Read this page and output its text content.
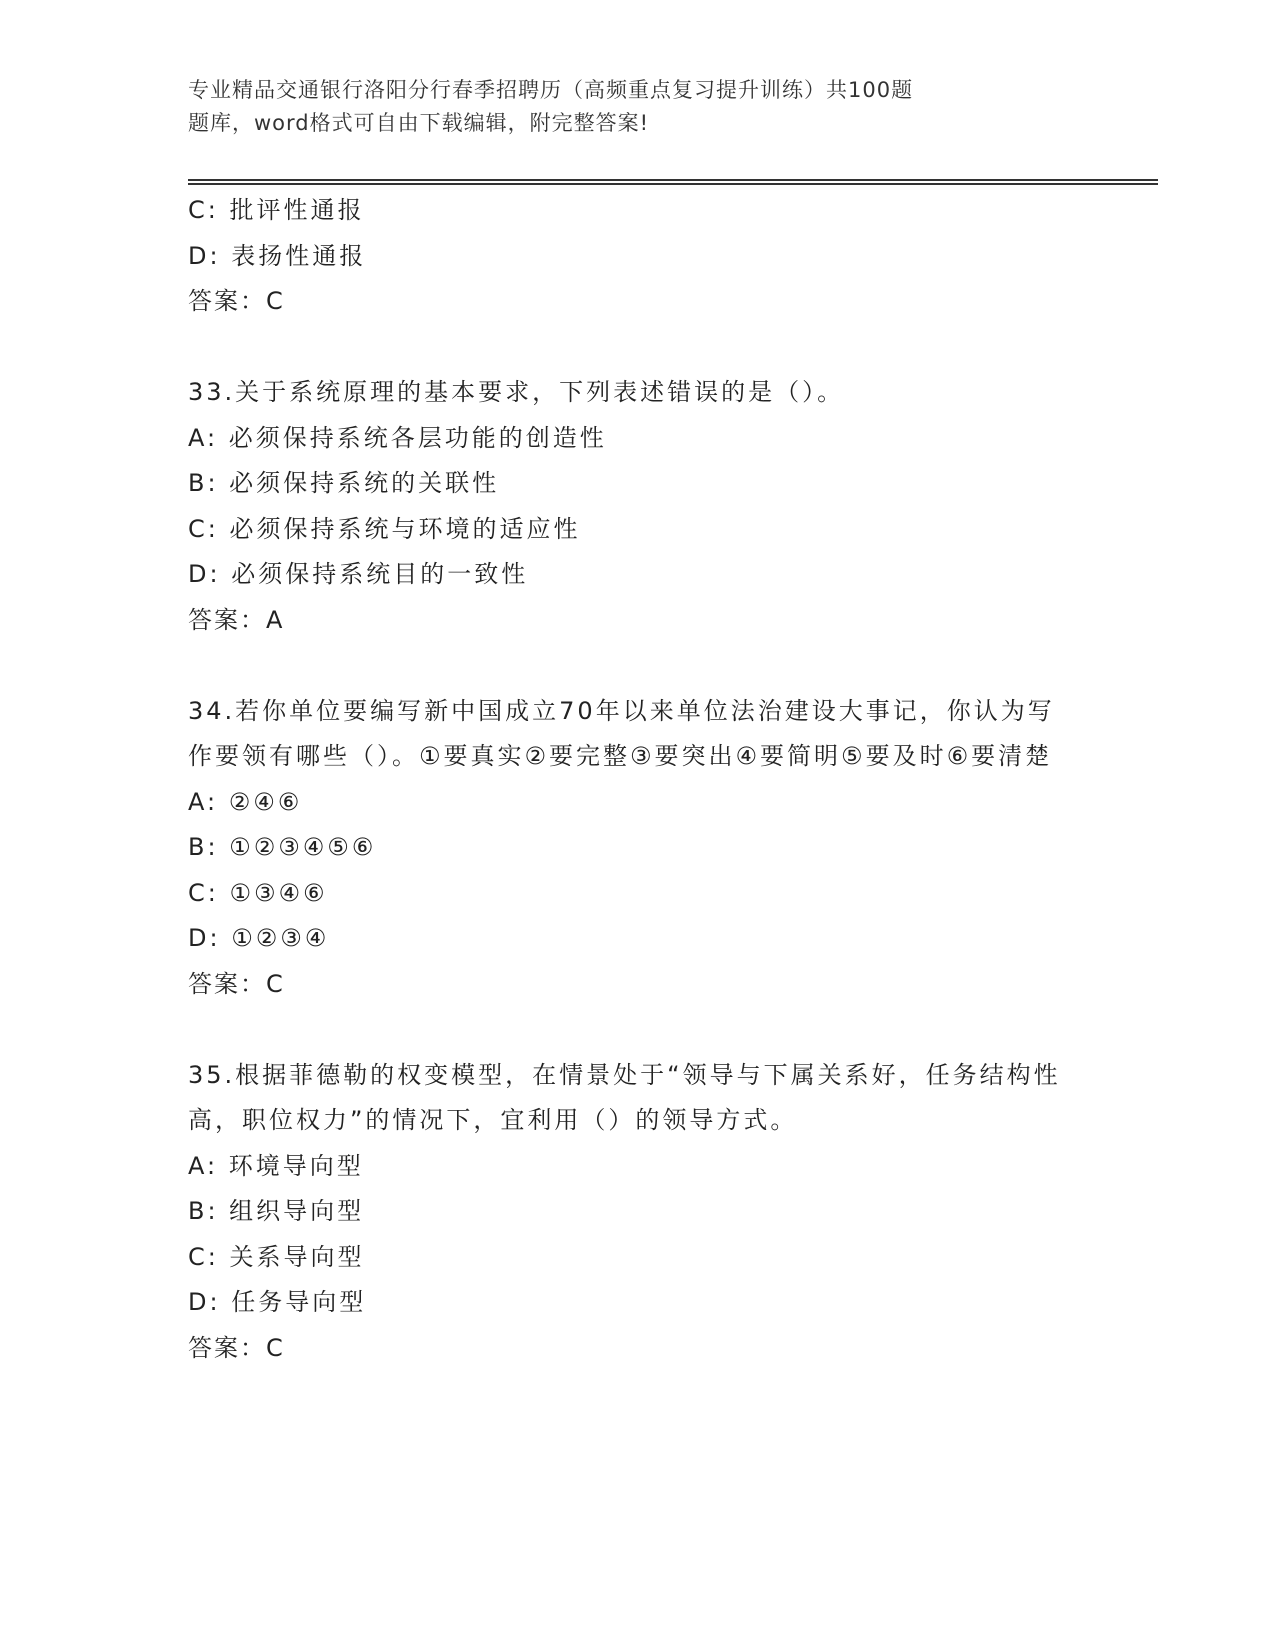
专业精品交通银行洛阳分行春季招聘历（高频重点复习提升训练）共100题
题库，word格式可自由下载编辑，附完整答案!
C: 批评性通报
D: 表扬性通报
答案：C
33.关于系统原理的基本要求，下列表述错误的是（）。
A: 必须保持系统各层功能的创造性
B: 必须保持系统的关联性
C: 必须保持系统与环境的适应性
D: 必须保持系统目的一致性
答案：A
34.若你单位要编写新中国成立70年以来单位法治建设大事记，你认为写作要领有哪些（）。①要真实②要完整③要突出④要简明⑤要及时⑥要清楚
A: ②④⑥
B: ①②③④⑤⑥
C: ①③④⑥
D: ①②③④
答案：C
35.根据菲德勒的权变模型，在情景处于“领导与下属关系好，任务结构性高，职位权力”的情况下，宜利用（）的领导方式。
A: 环境导向型
B: 组织导向型
C: 关系导向型
D: 任务导向型
答案：C
